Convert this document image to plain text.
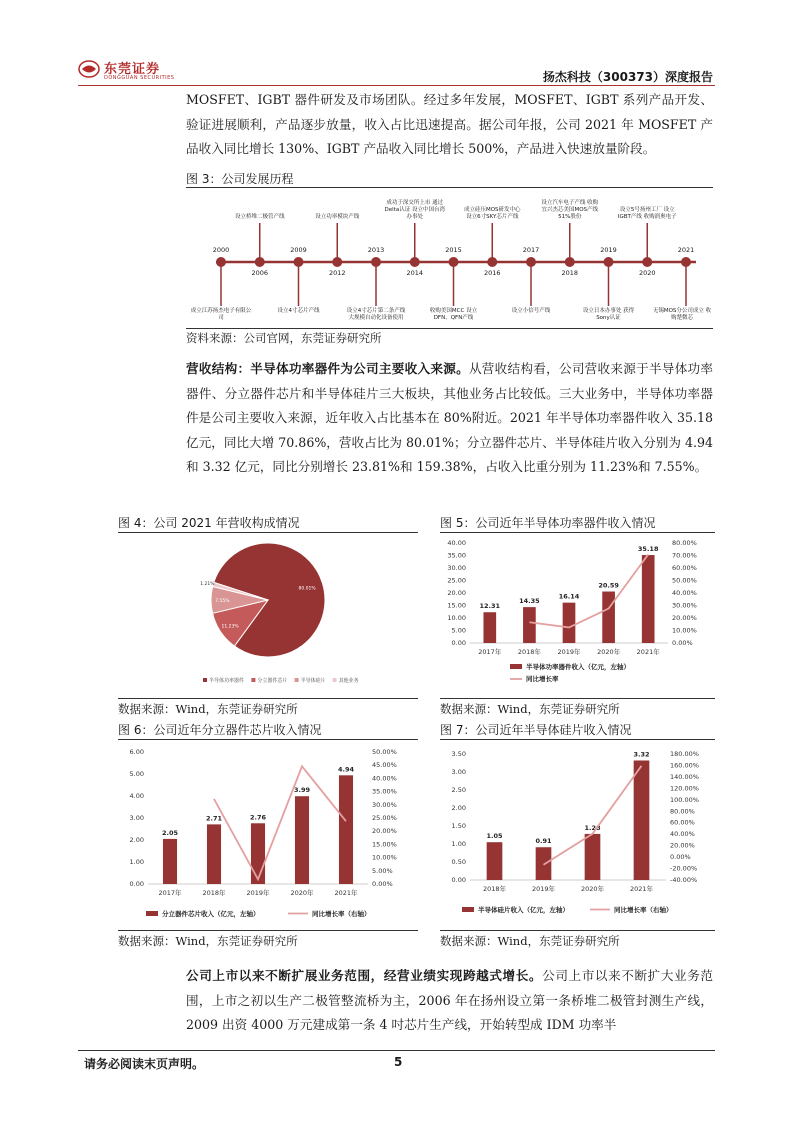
东莞证券
DONGGUAN SECURITIES	扬杰科技（300373）深度报告

MOSFET、IGBT 器件研发及市场团队。经过多年发展，MOSFET、IGBT 系列产品开发、验证进展顺利，产品逐步放量，收入占比迅速提高。据公司年报，公司 2021 年 MOSFET 产品收入同比增长 130%、IGBT 产品收入同比增长 500%，产品进入快速放量阶段。

图 3：公司发展历程
2000
成立江苏扬杰电子有限公司
2006
设立桥堆二极管产线
2009
设立4寸芯片产线
2012
设立功率模块产线
2013
设立4寸芯片第二条产线 大规模自动化设备使用
2014
成功于深交所上市 通过Delta认证 设立中国台湾办事处
2015
收购美国MCC 设立DFN、QFN产线
2016
成立硅压MOS研发中心 设立6寸SKY芯片产线
2017
设立小信号产线
2018
设立汽车电子产线 收购宜兴杰芯美国MOS产线51%股份
2019
设立日本办事处 获得Sony认证
2020
设立5号扬州工厂 设立IGBT产线 收购润奥电子
2021
无锡MOS分公司成立 收购楚微芯
资料来源：公司官网，东莞证券研究所

营收结构：半导体功率器件为公司主要收入来源。从营收结构看，公司营收来源于半导体功率器件、分立器件芯片和半导体硅片三大板块，其他业务占比较低。三大业务中，半导体功率器件是公司主要收入来源，近年收入占比基本在 80%附近。2021 年半导体功率器件收入 35.18 亿元，同比大增 70.86%，营收占比为 80.01%；分立器件芯片、半导体硅片收入分别为 4.94 和 3.32 亿元，同比分别增长 23.81%和 159.38%，占收入比重分别为 11.23%和 7.55%。

图 4：公司 2021 年营收构成情况	图 5：公司近年半导体功率器件收入情况
80.01%
11.23%
7.55%
1.21%
半导体功率器件	分立器件芯片	半导体硅片	其他业务
0.00
5.00
10.00
15.00
20.00
25.00
30.00
35.00
40.00
0.00%
10.00%
20.00%
30.00%
40.00%
50.00%
60.00%
70.00%
80.00%
12.31
2017年
14.35
2018年
16.14
2019年
20.59
2020年
35.18
2021年
半导体功率器件收入（亿元，左轴）
同比增长率
数据来源：Wind，东莞证券研究所	数据来源：Wind，东莞证券研究所
图 6：公司近年分立器件芯片收入情况	图 7：公司近年半导体硅片收入情况
0.00
1.00
2.00
3.00
4.00
5.00
6.00
0.00%
5.00%
10.00%
15.00%
20.00%
25.00%
30.00%
35.00%
40.00%
45.00%
50.00%
2.05
2017年
2.71
2018年
2.76
2019年
3.99
2020年
4.94
2021年
分立器件芯片收入（亿元，左轴）	同比增长率（右轴）
0.00
0.50
1.00
1.50
2.00
2.50
3.00
3.50
-40.00%
-20.00%
0.00%
20.00%
40.00%
60.00%
80.00%
100.00%
120.00%
140.00%
160.00%
180.00%
1.05
2018年
0.91
2019年
1.28
2020年
3.32
2021年
半导体硅片收入（亿元，左轴）	同比增长率（右轴）
数据来源：Wind，东莞证券研究所	数据来源：Wind，东莞证券研究所

公司上市以来不断扩展业务范围，经营业绩实现跨越式增长。公司上市以来不断扩大业务范围，上市之初以生产二极管整流桥为主，2006 年在扬州设立第一条桥堆二极管封测生产线，2009 出资 4000 万元建成第一条 4 吋芯片生产线，开始转型成 IDM 功率半

请务必阅读末页声明。	5
